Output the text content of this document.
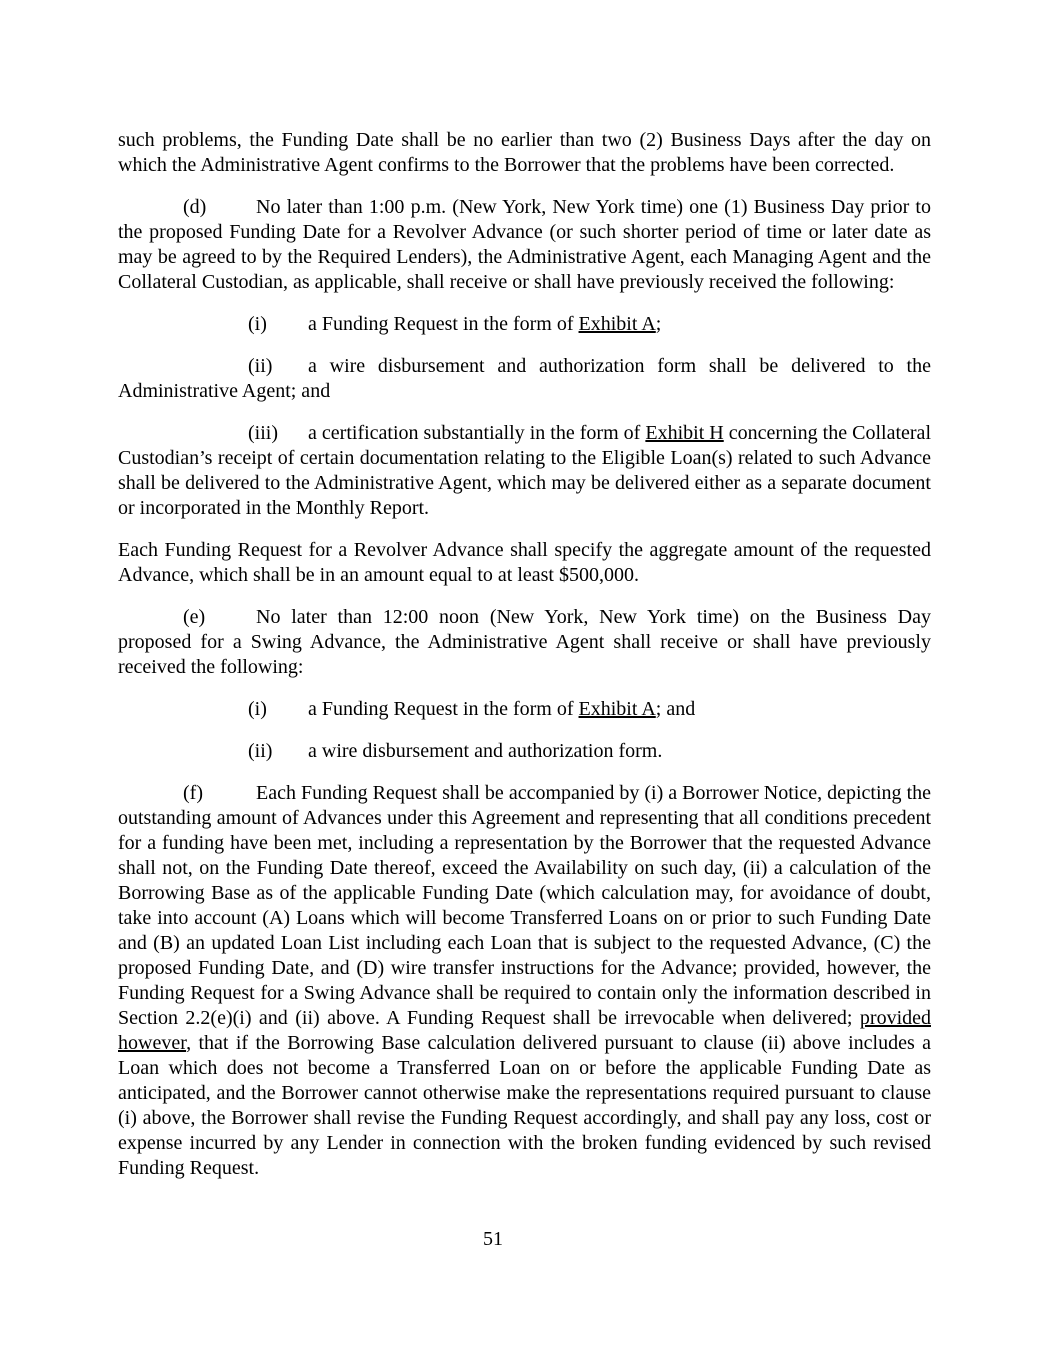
such problems, the Funding Date shall be no earlier than two (2) Business Days after the day on which the Administrative Agent confirms to the Borrower that the problems have been corrected.

(d) No later than 1:00 p.m. (New York, New York time) one (1) Business Day prior to the proposed Funding Date for a Revolver Advance (or such shorter period of time or later date as may be agreed to by the Required Lenders), the Administrative Agent, each Managing Agent and the Collateral Custodian, as applicable, shall receive or shall have previously received the following:

(i) a Funding Request in the form of Exhibit A;

(ii) a wire disbursement and authorization form shall be delivered to the Administrative Agent; and

(iii) a certification substantially in the form of Exhibit H concerning the Collateral Custodian’s receipt of certain documentation relating to the Eligible Loan(s) related to such Advance shall be delivered to the Administrative Agent, which may be delivered either as a separate document or incorporated in the Monthly Report.

Each Funding Request for a Revolver Advance shall specify the aggregate amount of the requested Advance, which shall be in an amount equal to at least $500,000.

(e)	No later than 12:00 noon (New York, New York time) on the Business Day proposed for a Swing Advance, the Administrative Agent shall receive or shall have previously received the following:

(i) a Funding Request in the form of Exhibit A; and

(ii) a wire disbursement and authorization form.

(f)	Each Funding Request shall be accompanied by (i) a Borrower Notice, depicting the outstanding amount of Advances under this Agreement and representing that all conditions precedent for a funding have been met, including a representation by the Borrower that the requested Advance shall not, on the Funding Date thereof, exceed the Availability on such day, (ii) a calculation of the Borrowing Base as of the applicable Funding Date (which calculation may, for avoidance of doubt, take into account (A) Loans which will become Transferred Loans on or prior to such Funding Date and (B) an updated Loan List including each Loan that is subject to the requested Advance, (C) the proposed Funding Date, and (D) wire transfer instructions for the Advance; provided, however, the Funding Request for a Swing Advance shall be required to contain only the information described in Section 2.2(e)(i) and (ii) above. A Funding Request shall be irrevocable when delivered; provided however, that if the Borrowing Base calculation delivered pursuant to clause (ii) above includes a Loan which does not become a Transferred Loan on or before the applicable Funding Date as anticipated, and the Borrower cannot otherwise make the representations required pursuant to clause (i) above, the Borrower shall revise the Funding Request accordingly, and shall pay any loss, cost or expense incurred by any Lender in connection with the broken funding evidenced by such revised Funding Request.

51
